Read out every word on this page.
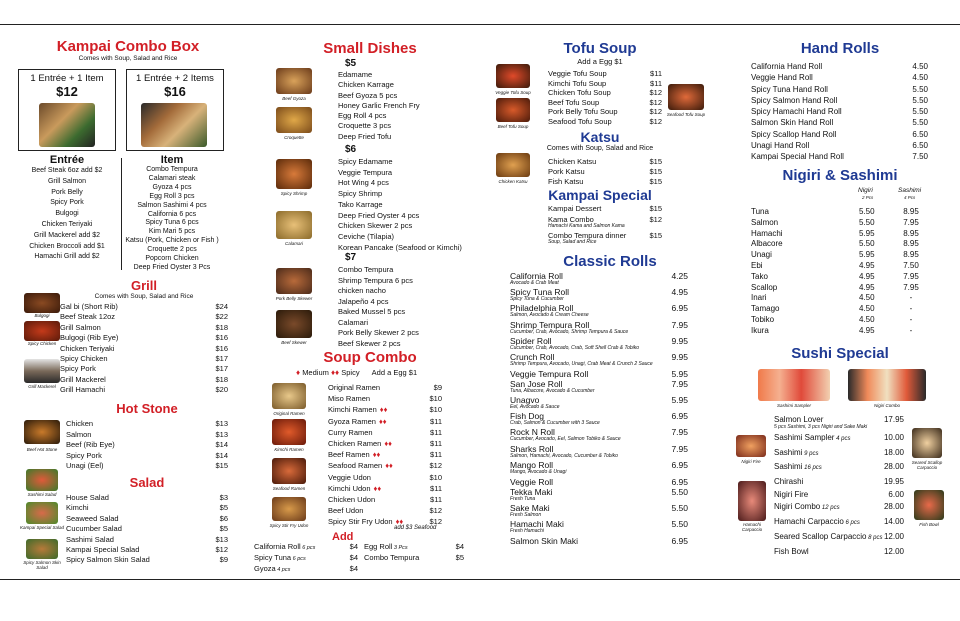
Kampai Combo Box
Comes with Soup, Salad and Rice
1 Entrée + 1 Item
$12
1 Entrée + 2 Items
$16
Entrée
Beef Steak 6oz add $2
Grill Salmon
Pork Belly
Spicy Pork
Bulgogi
Chicken Teriyaki
Grill Mackerel add $2
Chicken Broccoli add $1
Hamachi Grill add $2
Item
Combo Tempura
Calamari steak
Gyoza 4 pcs
Egg Roll 3 pcs
Salmon Sashimi 4 pcs
California 6 pcs
Spicy Tuna 6 pcs
Kim Mari 5 pcs
Katsu (Pork, Chicken or Fish )
Croquette 2 pcs
Popcorn Chicken
Deep Fried Oyster 3 Pcs
Grill
Comes with Soup, Salad and Rice
Gal bi (Short Rib)	$24
Beef Steak 12oz	$22
Grill Salmon	$18
Bulgogi (Rib Eye)	$16
Chicken Teriyaki	$16
Spicy Chicken	$17
Spicy Pork	$17
Grill Mackerel	$18
Grill Hamachi	$20
Bulgogi
Spicy Chicken
Grill Mackerel
Hot Stone
Chicken	$13
Salmon	$13
Beef (Rib Eye)	$14
Spicy Pork	$14
Unagi (Eel)	$15
Beef Hot Stone
Salad
House Salad	$3
Kimchi	$5
Seaweed Salad	$6
Cucumber Salad	$5
Sashimi Salad	$13
Kampai Special Salad	$12
Spicy Salmon Skin Salad	$9
Sashimi Salad
Kampai Special Salad
Spicy Salmon Skin Salad
Small Dishes
$5
Edamame
Chicken Karrage
Beef Gyoza 5 pcs
Honey Garlic French Fry
Egg Roll 4 pcs
Croquette 3 pcs
Deep Fried Tofu
$6
Spicy Edamame
Veggie Tempura
Hot Wing 4 pcs
Spicy Shrimp
Tako Karrage
Deep Fried Oyster 4 pcs
Chicken Skewer 2 pcs
Ceviche (Tilapia)
Korean Pancake (Seafood or Kimchi)
$7
Combo Tempura
Shrimp Tempura 6 pcs
chicken nacho
Jalapeño 4 pcs
Baked Mussel 5 pcs
Calamari
Pork Belly Skewer 2 pcs
Beef Skewer 2 pcs
Beef Gyoza
Croquette
Spicy Shrimp
Calamari
Pork Belly Skewer
Beef Skewer
Soup Combo
♦ Medium ♦♦ Spicy Add a Egg $1
Original Ramen	$9
Miso Ramen	$10
Kimchi Ramen ♦♦	$10
Gyoza Ramen ♦♦	$11
Curry Ramen	$11
Chicken Ramen ♦♦	$11
Beef Ramen ♦♦	$11
Seafood Ramen ♦♦	$12
Veggie Udon	$10
Kimchi Udon ♦♦	$11
Chicken Udon	$11
Beef Udon	$12
Spicy Stir Fry Udon ♦♦	$12
add $3 Seafood
Original Ramen
Kimchi Ramen
Seafood Ramen
Spicy Stir Fry Udon
Add
California Roll 6 pcs	$4
Spicy Tuna 6 pcs	$4
Gyoza 4 pcs	$4
Egg Roll 3 Pcs	$4
Combo Tempura	$5
Tofu Soup
Add a Egg $1
Veggie Tofu Soup	$11
Kimchi Tofu Soup	$11
Chicken Tofu Soup	$12
Beef Tofu Soup	$12
Pork Belly Tofu Soup	$12
Seafood Tofu Soup	$12
Veggie Tofu Soup
Beef Tofu Soup
Seafood Tofu Soup
Katsu
Comes with Soup, Salad and Rice
Chicken Katsu	$15
Pork Katsu	$15
Fish Katsu	$15
Chicken Katsu
Kampai Special
Kampai Dessert	$15
Kama Combo
Hamachi Kama and Salmon Kama
$12
Combo Tempura dinner
Soup, Salad and Rice
$15
Classic Rolls
California Roll
Avocado & Crab Meat
4.25
Spicy Tuna Roll
Spicy Tuna & Cucumber
4.95
Philadelphia Roll
Salmon, Avocado & Cream Cheese
6.95
Shrimp Tempura Roll
Cucumber, Crab, Avocado, Shrimp Tempura & Sauce
7.95
Spider Roll
Cucumber, Crab, Avocado, Crab, Soft Shell Crab & Tobiko
9.95
Crunch Roll
Shrimp Tempura, Avocado, Unagi, Crab Meat & Crunch 2 Sauce
9.95
Veggie Tempura Roll	5.95
San Jose Roll
Tuna, Albacore, Avocado & Cucumber
7.95
Unagvo
Eel, Avocado & Sauce
5.95
Fish Dog
Crab, Salmon & Cucumber with 3 Sauce
6.95
Rock N Roll
Cucumber, Avocado, Eel, Salmon Tobiko & Sauce
7.95
Sharks Roll
Salmon, Hamachi, Avocado, Cucumber & Tobiko
7.95
Mango Roll
Mango, Avocado & Unagi
6.95
Veggie Roll	6.95
Tekka Maki
Fresh Tuna
5.50
Sake Maki
Fresh Salmon
5.50
Hamachi Maki
Fresh Hamachi
5.50
Salmon Skin Maki	6.95
Hand Rolls
California Hand Roll	4.50
Veggie Hand Roll	4.50
Spicy Tuna Hand Roll	5.50
Spicy Salmon Hand Roll	5.50
Spicy Hamachi Hand Roll	5.50
Salmon Skin Hand Roll	5.50
Spicy Scallop Hand Roll	6.50
Unagi Hand Roll	6.50
Kampai Special Hand Roll	7.50
Nigiri & Sashimi
Nigiri	Sashimi
2 Pcs	4 Pcs
Tuna	5.50	8.95
Salmon	5.50	7.95
Hamachi	5.95	8.95
Albacore	5.50	8.95
Unagi	5.95	8.95
Ebi	4.95	7.50
Tako	4.95	7.95
Scallop	4.95	7.95
Inari	4.50	-
Tamago	4.50	-
Tobiko	4.50	-
Ikura	4.95	-
Sushi Special
Sashimi Sampler	Nigiri Combo
Salmon Lover
5 pcs Sashimi, 3 pcs Nigiri and Sake Maki
17.95
Sashimi Sampler 4 pcs	10.00
Sashimi 9 pcs	18.00
Sashimi 16 pcs	28.00
Chirashi	19.95
Nigiri Fire	6.00
Nigiri Combo 12 pcs	28.00
Hamachi Carpaccio 6 pcs	14.00
Seared Scallop Carpaccio 8 pcs 12.00
Fish Bowl	12.00
Nigiri Fire
Hamachi Carpaccio
Seared Scallop Carpaccio
Fish Bowl
